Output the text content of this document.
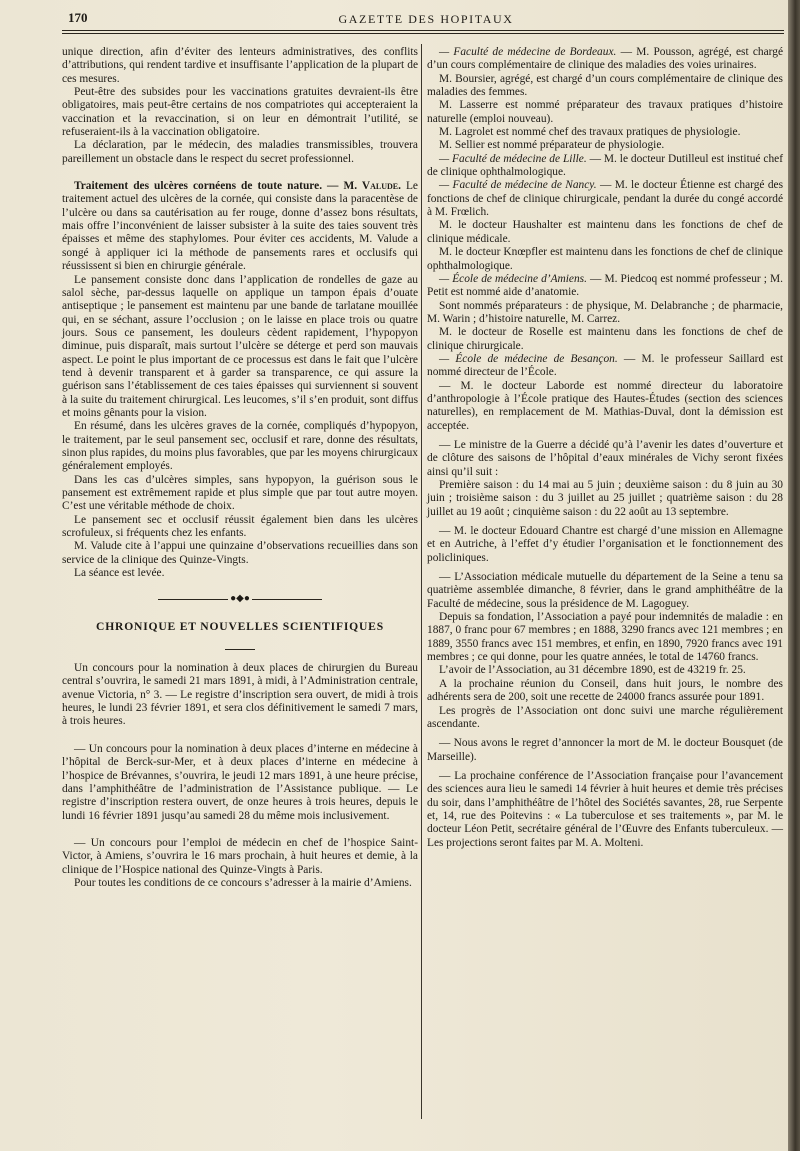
170	GAZETTE DES HOPITAUX

unique direction, afin d’éviter des lenteurs administratives, des conflits d’attributions, qui rendent tardive et insuffisante l’application de la plupart de ces mesures.

Peut-être des subsides pour les vaccinations gratuites devraient-ils être obligatoires, mais peut-être certains de nos compatriotes qui accepteraient la vaccination et la revaccination, si on leur en démontrait l’utilité, se refuseraient-ils à la vaccination obligatoire.

La déclaration, par le médecin, des maladies transmissibles, trouvera pareillement un obstacle dans le respect du secret professionnel.

Traitement des ulcères cornéens de toute nature. — M. Valude. Le traitement actuel des ulcères de la cornée, qui consiste dans la paracentèse de l’ulcère ou dans sa cautérisation au fer rouge, donne d’assez bons résultats, mais offre l’inconvénient de laisser subsister à la suite des taies souvent très épaisses et même des staphylomes. Pour éviter ces accidents, M. Valude a songé à appliquer ici la méthode de pansements rares et occlusifs qui réussissent si bien en chirurgie générale.

Le pansement consiste donc dans l’application de rondelles de gaze au salol sèche, par-dessus laquelle on applique un tampon épais d’ouate antiseptique ; le pansement est maintenu par une bande de tarlatane mouillée qui, en se séchant, assure l’occlusion ; on le laisse en place trois ou quatre jours. Sous ce pansement, les douleurs cèdent rapidement, l’hypopyon diminue, puis disparaît, mais surtout l’ulcère se déterge et perd son mauvais aspect. Le point le plus important de ce processus est dans le fait que l’ulcère tend à devenir transparent et à garder sa transparence, ce qui assure la guérison sans l’établissement de ces taies épaisses qui surviennent si souvent à la suite du traitement chirurgical. Les leucomes, s’il s’en produit, sont diffus et moins gênants pour la vision.

En résumé, dans les ulcères graves de la cornée, compliqués d’hypopyon, le traitement, par le seul pansement sec, occlusif et rare, donne des résultats, sinon plus rapides, du moins plus favorables, que par les moyens chirurgicaux généralement employés.

Dans les cas d’ulcères simples, sans hypopyon, la guérison sous le pansement est extrêmement rapide et plus simple que par tout autre moyen. C’est une véritable méthode de choix.

Le pansement sec et occlusif réussit également bien dans les ulcères scrofuleux, si fréquents chez les enfants.

M. Valude cite à l’appui une quinzaine d’observations recueillies dans son service de la clinique des Quinze-Vingts.

La séance est levée.

●◆●
CHRONIQUE ET NOUVELLES SCIENTIFIQUES

Un concours pour la nomination à deux places de chirurgien du Bureau central s’ouvrira, le samedi 21 mars 1891, à midi, à l’Administration centrale, avenue Victoria, n° 3. — Le registre d’inscription sera ouvert, de midi à trois heures, le lundi 23 février 1891, et sera clos définitivement le samedi 7 mars, à trois heures.

— Un concours pour la nomination à deux places d’interne en médecine à l’hôpital de Berck-sur-Mer, et à deux places d’interne en médecine à l’hospice de Brévannes, s’ouvrira, le jeudi 12 mars 1891, à une heure précise, dans l’amphithéâtre de l’administration de l’Assistance publique. — Le registre d’inscription restera ouvert, de onze heures à trois heures, depuis le lundi 16 février 1891 jusqu’au samedi 28 du même mois inclusivement.

— Un concours pour l’emploi de médecin en chef de l’hospice Saint-Victor, à Amiens, s’ouvrira le 16 mars prochain, à huit heures et demie, à la clinique de l’Hospice national des Quinze-Vingts à Paris.

Pour toutes les conditions de ce concours s’adresser à la mairie d’Amiens.

— Faculté de médecine de Bordeaux. — M. Pousson, agrégé, est chargé d’un cours complémentaire de clinique des maladies des voies urinaires.

M. Boursier, agrégé, est chargé d’un cours complémentaire de clinique des maladies des femmes.

M. Lasserre est nommé préparateur des travaux pratiques d’histoire naturelle (emploi nouveau).

M. Lagrolet est nommé chef des travaux pratiques de physiologie.

M. Sellier est nommé préparateur de physiologie.

— Faculté de médecine de Lille. — M. le docteur Dutilleul est institué chef de clinique ophthalmologique.

— Faculté de médecine de Nancy. — M. le docteur Étienne est chargé des fonctions de chef de clinique chirurgicale, pendant la durée du congé accordé à M. Frœlich.

M. le docteur Haushalter est maintenu dans les fonctions de chef de clinique médicale.

M. le docteur Knœpfler est maintenu dans les fonctions de chef de clinique ophthalmologique.

— École de médecine d’Amiens. — M. Piedcoq est nommé professeur ; M. Petit est nommé aide d’anatomie.

Sont nommés préparateurs : de physique, M. Delabranche ; de pharmacie, M. Warin ; d’histoire naturelle, M. Carrez.

M. le docteur de Roselle est maintenu dans les fonctions de chef de clinique chirurgicale.

— École de médecine de Besançon. — M. le professeur Saillard est nommé directeur de l’École.

— M. le docteur Laborde est nommé directeur du laboratoire d’anthropologie à l’École pratique des Hautes-Études (section des sciences naturelles), en remplacement de M. Mathias-Duval, dont la démission est acceptée.

— Le ministre de la Guerre a décidé qu’à l’avenir les dates d’ouverture et de clôture des saisons de l’hôpital d’eaux minérales de Vichy seront fixées ainsi qu’il suit :

Première saison : du 14 mai au 5 juin ; deuxième saison : du 8 juin au 30 juin ; troisième saison : du 3 juillet au 25 juillet ; quatrième saison : du 28 juillet au 19 août ; cinquième saison : du 22 août au 13 septembre.

— M. le docteur Edouard Chantre est chargé d’une mission en Allemagne et en Autriche, à l’effet d’y étudier l’organisation et le fonctionnement des policliniques.

— L’Association médicale mutuelle du département de la Seine a tenu sa quatrième assemblée dimanche, 8 février, dans le grand amphithéâtre de la Faculté de médecine, sous la présidence de M. Lagoguey.

Depuis sa fondation, l’Association a payé pour indemnités de maladie : en 1887, 0 franc pour 67 membres ; en 1888, 3290 francs avec 121 membres ; en 1889, 3550 francs avec 151 membres, et enfin, en 1890, 7920 francs avec 191 membres ; ce qui donne, pour les quatre années, le total de 14760 francs.

L’avoir de l’Association, au 31 décembre 1890, est de 43219 fr. 25.

A la prochaine réunion du Conseil, dans huit jours, le nombre des adhérents sera de 200, soit une recette de 24000 francs assurée pour 1891.

Les progrès de l’Association ont donc suivi une marche régulièrement ascendante.

— Nous avons le regret d’annoncer la mort de M. le docteur Bousquet (de Marseille).

— La prochaine conférence de l’Association française pour l’avancement des sciences aura lieu le samedi 14 février à huit heures et demie très précises du soir, dans l’amphithéâtre de l’hôtel des Sociétés savantes, 28, rue Serpente et, 14, rue des Poitevins : « La tuberculose et ses traitements », par M. le docteur Léon Petit, secrétaire général de l’Œuvre des Enfants tuberculeux. — Les projections seront faites par M. A. Molteni.
